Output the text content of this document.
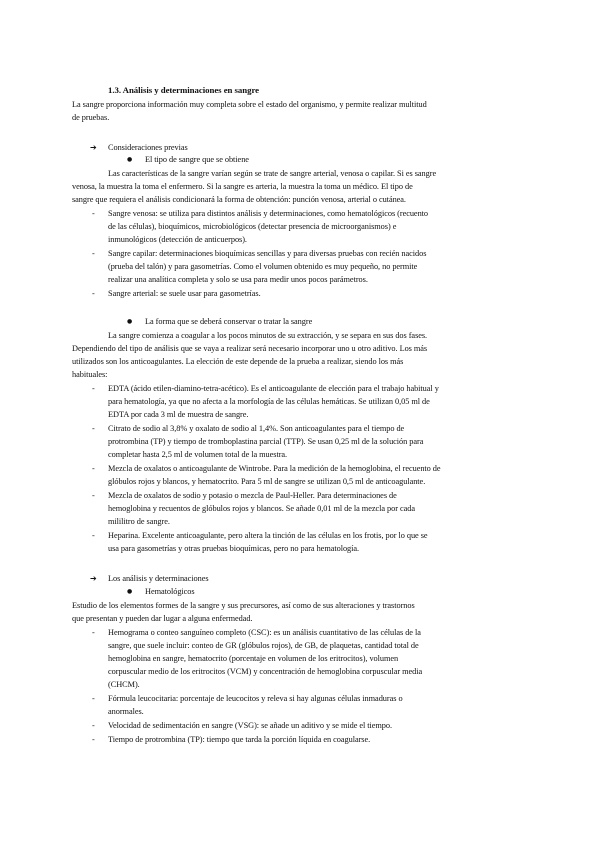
1.3. Análisis y determinaciones en sangre
La sangre proporciona información muy completa sobre el estado del organismo, y permite realizar multitud
de pruebas.
➔ Consideraciones previas
● El tipo de sangre que se obtiene
Las características de la sangre varían según se trate de sangre arterial, venosa o capilar. Si es sangre
venosa, la muestra la toma el enfermero. Si la sangre es arteria, la muestra la toma un médico. El tipo de
sangre que requiera el análisis condicionará la forma de obtención: punción venosa, arterial o cutánea.
- Sangre venosa: se utiliza para distintos análisis y determinaciones, como hematológicos (recuento
de las células), bioquímicos, microbiológicos (detectar presencia de microorganismos) e
inmunológicos (detección de anticuerpos).
- Sangre capilar: determinaciones bioquímicas sencillas y para diversas pruebas con recién nacidos
(prueba del talón) y para gasometrías. Como el volumen obtenido es muy pequeño, no permite
realizar una analítica completa y solo se usa para medir unos pocos parámetros.
- Sangre arterial: se suele usar para gasometrías.
● La forma que se deberá conservar o tratar la sangre
La sangre comienza a coagular a los pocos minutos de su extracción, y se separa en sus dos fases.
Dependiendo del tipo de análisis que se vaya a realizar será necesario incorporar uno u otro aditivo. Los más
utilizados son los anticoagulantes. La elección de este depende de la prueba a realizar, siendo los más
habituales:
- EDTA (ácido etilen-diamino-tetra-acético). Es el anticoagulante de elección para el trabajo habitual y
para hematología, ya que no afecta a la morfología de las células hemáticas. Se utilizan 0,05 ml de
EDTA por cada 3 ml de muestra de sangre.
- Citrato de sodio al 3,8% y oxalato de sodio al 1,4%. Son anticoagulantes para el tiempo de
protrombina (TP) y tiempo de tromboplastina parcial (TTP). Se usan 0,25 ml de la solución para
completar hasta 2,5 ml de volumen total de la muestra.
- Mezcla de oxalatos o anticoagulante de Wintrobe. Para la medición de la hemoglobina, el recuento de
glóbulos rojos y blancos, y hematocrito. Para 5 ml de sangre se utilizan 0,5 ml de anticoagulante.
- Mezcla de oxalatos de sodio y potasio o mezcla de Paul-Heller. Para determinaciones de
hemoglobina y recuentos de glóbulos rojos y blancos. Se añade 0,01 ml de la mezcla por cada
mililitro de sangre.
- Heparina. Excelente anticoagulante, pero altera la tinción de las células en los frotis, por lo que se
usa para gasometrías y otras pruebas bioquímicas, pero no para hematología.
➔ Los análisis y determinaciones
● Hematológicos
Estudio de los elementos formes de la sangre y sus precursores, así como de sus alteraciones y trastornos
que presentan y pueden dar lugar a alguna enfermedad.
- Hemograma o conteo sanguíneo completo (CSC): es un análisis cuantitativo de las células de la
sangre, que suele incluir: conteo de GR (glóbulos rojos), de GB, de plaquetas, cantidad total de
hemoglobina en sangre, hematocrito (porcentaje en volumen de los eritrocitos), volumen
corpuscular medio de los eritrocitos (VCM) y concentración de hemoglobina corpuscular media
(CHCM).
- Fórmula leucocitaria: porcentaje de leucocitos y releva si hay algunas células inmaduras o
anormales.
- Velocidad de sedimentación en sangre (VSG): se añade un aditivo y se mide el tiempo.
- Tiempo de protrombina (TP): tiempo que tarda la porción líquida en coagularse.
